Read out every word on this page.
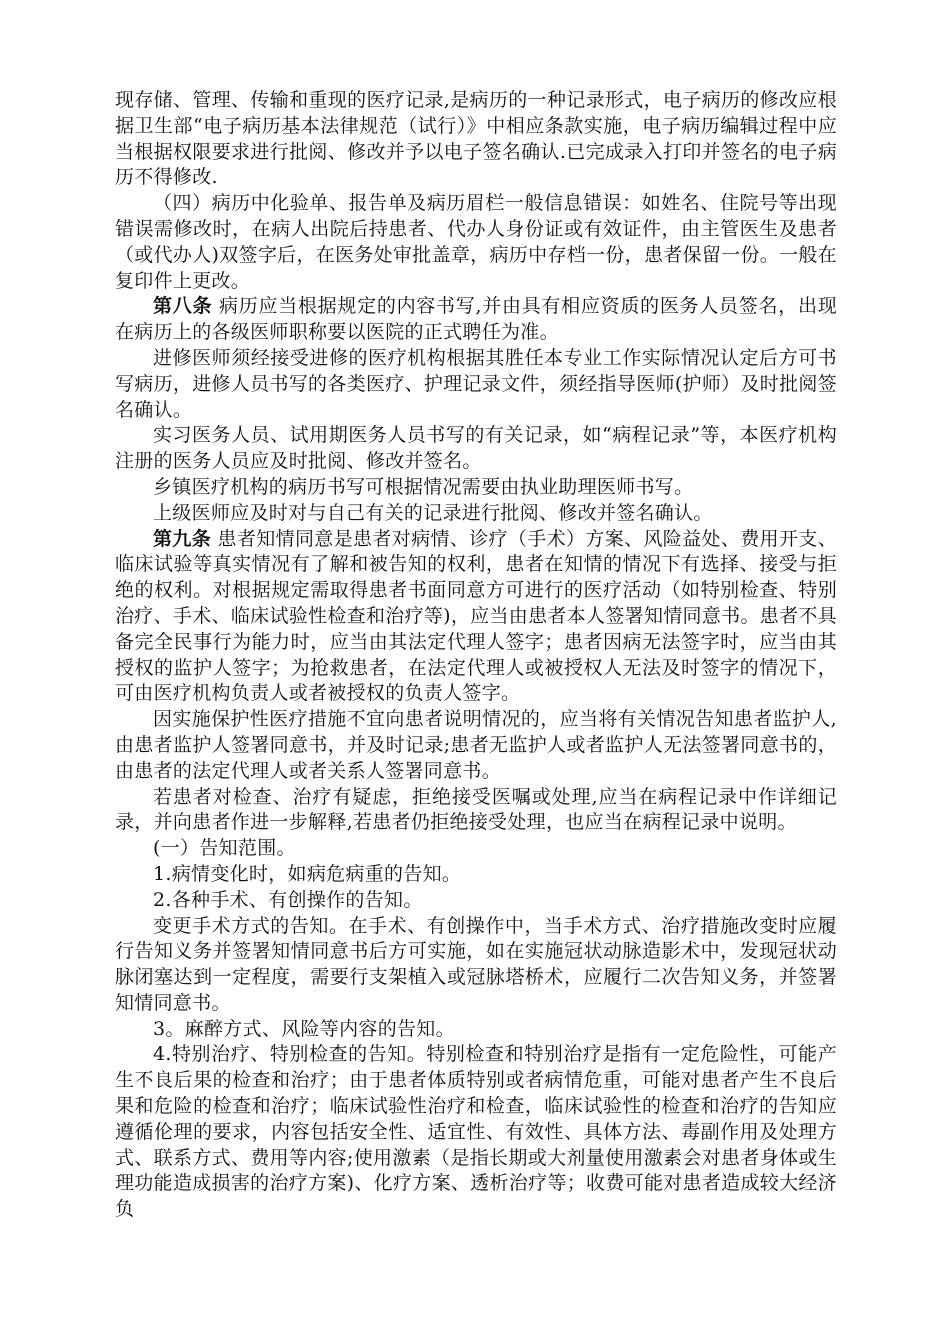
现存储、管理、传输和重现的医疗记录,是病历的一种记录形式，电子病历的修改应根据卫生部“电子病历基本法律规范（试行）》中相应条款实施，电子病历编辑过程中应当根据权限要求进行批阅、修改并予以电子签名确认.已完成录入打印并签名的电子病历不得修改.

（四）病历中化验单、报告单及病历眉栏一般信息错误：如姓名、住院号等出现错误需修改时，在病人出院后持患者、代办人身份证或有效证件，由主管医生及患者（或代办人)双签字后，在医务处审批盖章，病历中存档一份，患者保留一份。一般在复印件上更改。

第八条 病历应当根据规定的内容书写,并由具有相应资质的医务人员签名，出现在病历上的各级医师职称要以医院的正式聘任为准。

进修医师须经接受进修的医疗机构根据其胜任本专业工作实际情况认定后方可书写病历，进修人员书写的各类医疗、护理记录文件，须经指导医师(护师）及时批阅签名确认。

实习医务人员、试用期医务人员书写的有关记录，如“病程记录”等，本医疗机构注册的医务人员应及时批阅、修改并签名。

乡镇医疗机构的病历书写可根据情况需要由执业助理医师书写。

上级医师应及时对与自己有关的记录进行批阅、修改并签名确认。

第九条 患者知情同意是患者对病情、诊疗（手术）方案、风险益处、费用开支、临床试验等真实情况有了解和被告知的权利，患者在知情的情况下有选择、接受与拒绝的权利。对根据规定需取得患者书面同意方可进行的医疗活动（如特别检查、特别治疗、手术、临床试验性检查和治疗等)，应当由患者本人签署知情同意书。患者不具备完全民事行为能力时，应当由其法定代理人签字；患者因病无法签字时，应当由其授权的监护人签字；为抢救患者，在法定代理人或被授权人无法及时签字的情况下，可由医疗机构负责人或者被授权的负责人签字。

因实施保护性医疗措施不宜向患者说明情况的，应当将有关情况告知患者监护人,由患者监护人签署同意书，并及时记录;患者无监护人或者监护人无法签署同意书的，由患者的法定代理人或者关系人签署同意书。

若患者对检查、治疗有疑虑，拒绝接受医嘱或处理,应当在病程记录中作详细记录，并向患者作进一步解释,若患者仍拒绝接受处理，也应当在病程记录中说明。

(一）告知范围。

1.病情变化时，如病危病重的告知。

2.各种手术、有创操作的告知。

变更手术方式的告知。在手术、有创操作中，当手术方式、治疗措施改变时应履行告知义务并签署知情同意书后方可实施，如在实施冠状动脉造影术中，发现冠状动脉闭塞达到一定程度，需要行支架植入或冠脉塔桥术，应履行二次告知义务，并签署知情同意书。

3。麻醉方式、风险等内容的告知。

4.特别治疗、特别检查的告知。特别检查和特别治疗是指有一定危险性，可能产生不良后果的检查和治疗；由于患者体质特别或者病情危重，可能对患者产生不良后果和危险的检查和治疗；临床试验性治疗和检查，临床试验性的检查和治疗的告知应遵循伦理的要求，内容包括安全性、适宜性、有效性、具体方法、毒副作用及处理方式、联系方式、费用等内容;使用激素（是指长期或大剂量使用激素会对患者身体或生理功能造成损害的治疗方案)、化疗方案、透析治疗等；收费可能对患者造成较大经济负
